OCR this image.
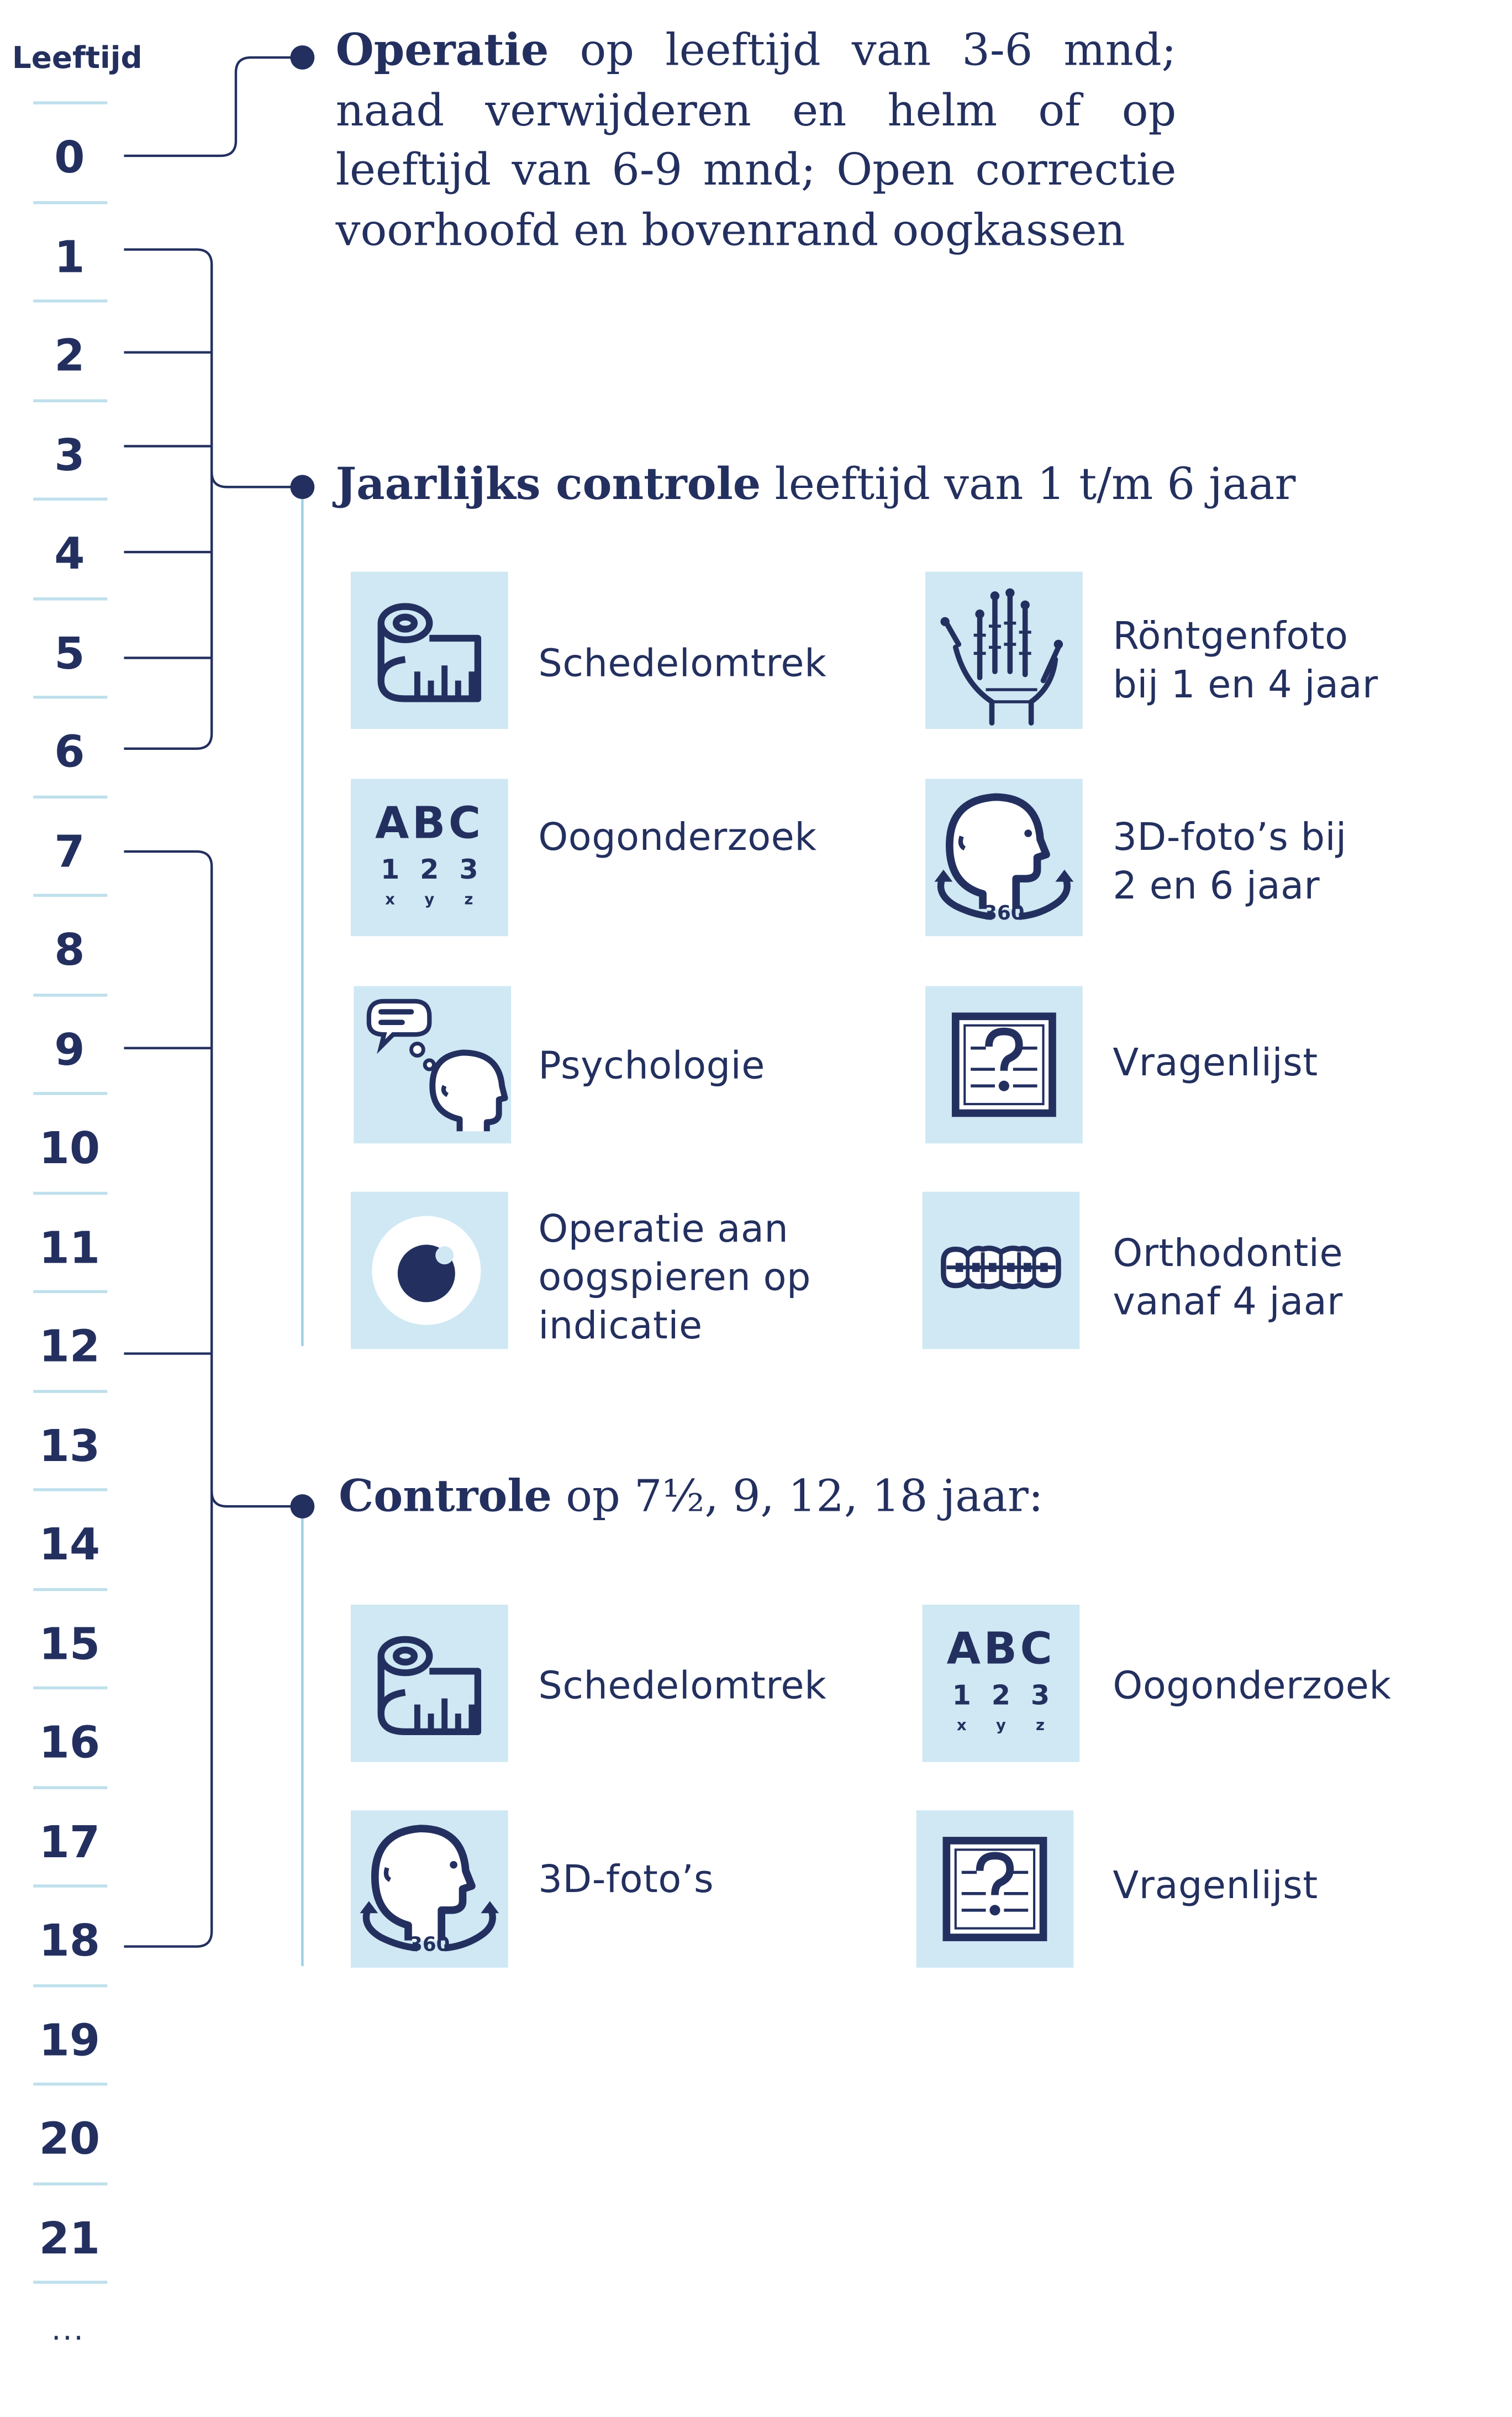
Leeftijd
0
1
2
3
4
5
6
7
8
9
10
11
12
13
14
15
16
17
18
19
20
21
...
Operatie op leeftijd van 3-6 mnd; naad verwijderen en helm of op leeftijd van 6-9 mnd; Open correctie voorhoofd en bovenrand oogkassen
Jaarlijks controle leeftijd van 1 t/m 6 jaar
Schedelomtrek
Röntgenfoto
bij 1 en 4 jaar
ABC
1	2	3
x	y	z
Oogonderzoek
360
3D-foto’s bij
2 en 6 jaar
Psychologie	Vragenlijst
Operatie aan
oogspieren op
indicatie
Orthodontie
vanaf 4 jaar
Controle op 7½, 9, 12, 18 jaar:
Schedelomtrek
ABC
1	2	3
x	y	z
Oogonderzoek
360
3D-foto’s	Vragenlijst
